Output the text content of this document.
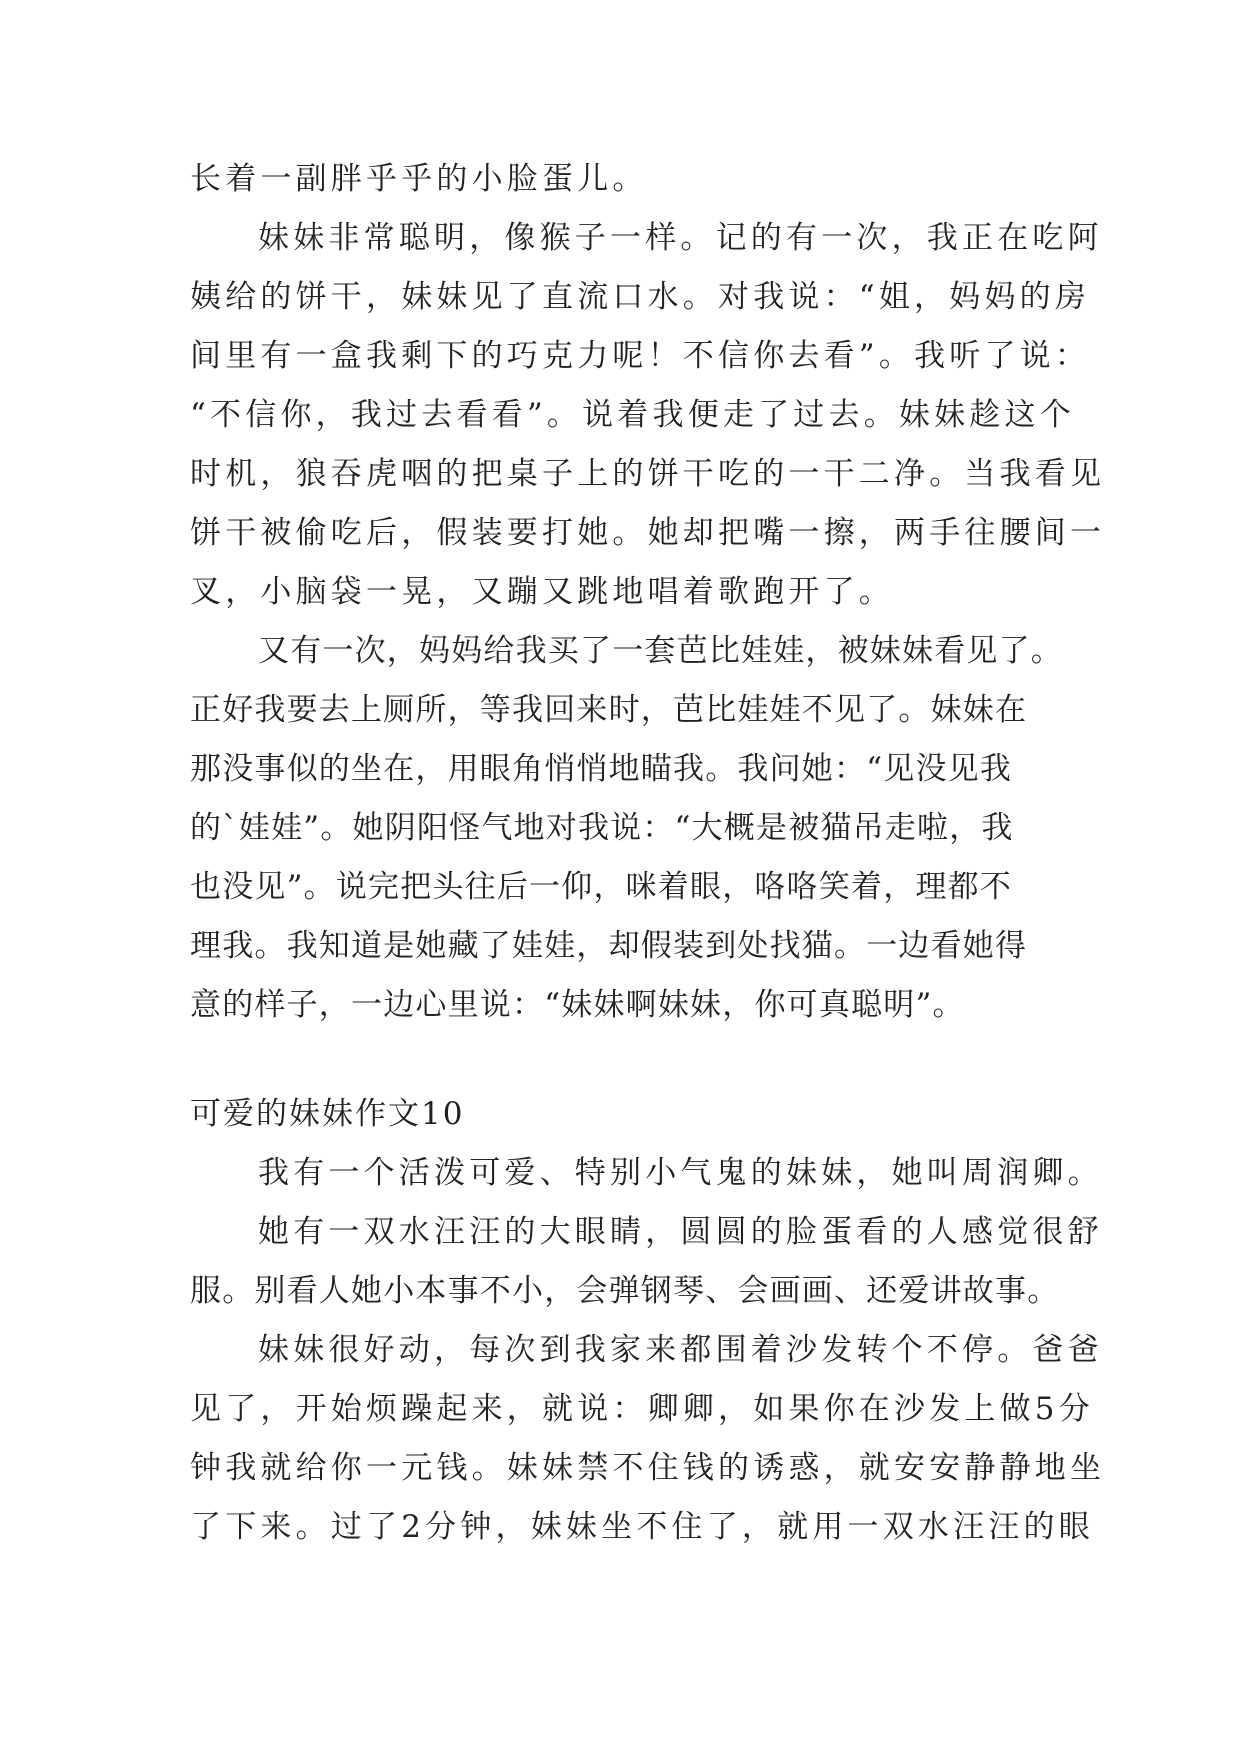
长着一副胖乎乎的小脸蛋儿。
妹妹非常聪明，像猴子一样。记的有一次，我正在吃阿
姨给的饼干，妹妹见了直流口水。对我说：“姐，妈妈的房
间里有一盒我剩下的巧克力呢！不信你去看”。我听了说：
“不信你，我过去看看”。说着我便走了过去。妹妹趁这个
时机，狼吞虎咽的把桌子上的饼干吃的一干二净。当我看见
饼干被偷吃后，假装要打她。她却把嘴一擦，两手往腰间一
叉，小脑袋一晃，又蹦又跳地唱着歌跑开了。
又有一次，妈妈给我买了一套芭比娃娃，被妹妹看见了。
正好我要去上厕所，等我回来时，芭比娃娃不见了。妹妹在
那没事似的坐在，用眼角悄悄地瞄我。我问她：“见没见我
的`娃娃”。她阴阳怪气地对我说：“大概是被猫吊走啦，我
也没见”。说完把头往后一仰，咪着眼，咯咯笑着，理都不
理我。我知道是她藏了娃娃，却假装到处找猫。一边看她得
意的样子，一边心里说：“妹妹啊妹妹，你可真聪明”。
可爱的妹妹作文10
我有一个活泼可爱、特别小气鬼的妹妹，她叫周润卿。
她有一双水汪汪的大眼睛，圆圆的脸蛋看的人感觉很舒
服。别看人她小本事不小，会弹钢琴、会画画、还爱讲故事。
妹妹很好动，每次到我家来都围着沙发转个不停。爸爸
见了，开始烦躁起来，就说：卿卿，如果你在沙发上做5分
钟我就给你一元钱。妹妹禁不住钱的诱惑，就安安静静地坐
了下来。过了2分钟，妹妹坐不住了，就用一双水汪汪的眼
